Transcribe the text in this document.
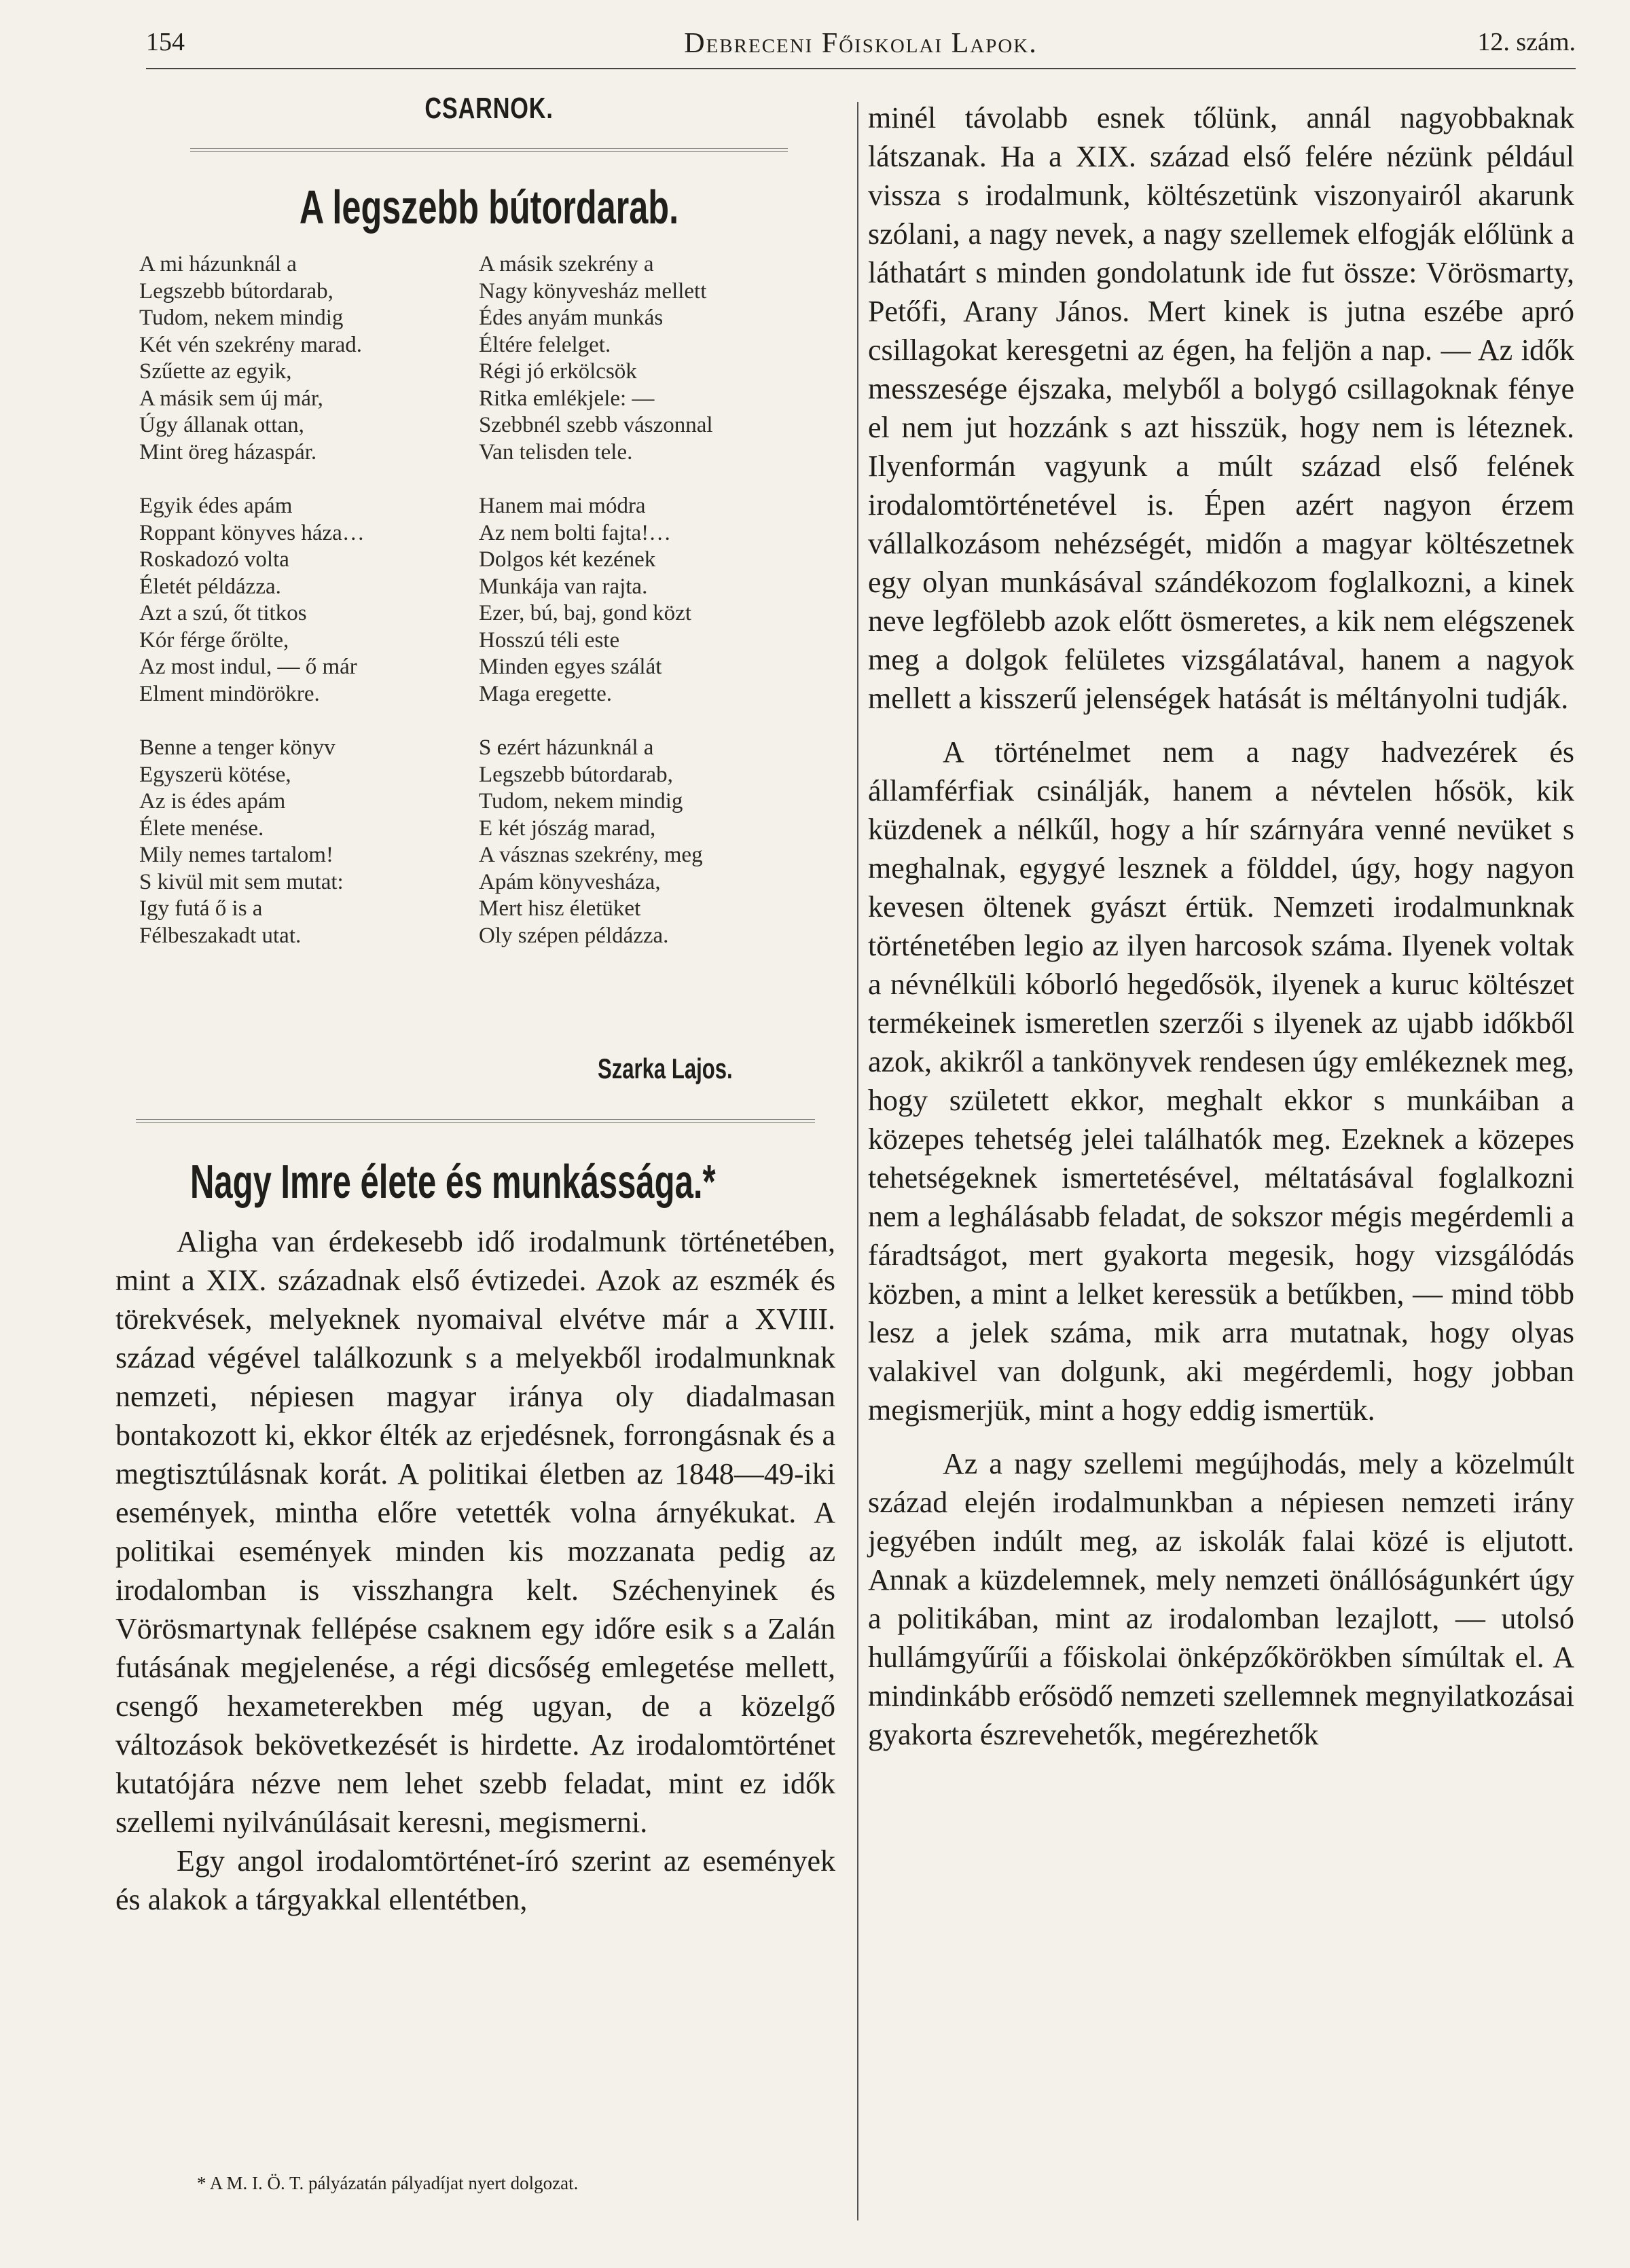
154	Debreceni Főiskolai Lapok.	12. szám.
CSARNOK.
A legszebb bútordarab.
A mi házunknál a
Legszebb bútordarab,
Tudom, nekem mindig
Két vén szekrény marad.
Szűette az egyik,
A másik sem új már,
Úgy állanak ottan,
Mint öreg házaspár.
Egyik édes apám
Roppant könyves háza…
Roskadozó volta
Életét példázza.
Azt a szú, őt titkos
Kór férge őrölte,
Az most indul, — ő már
Elment mindörökre.
Benne a tenger könyv
Egyszerü kötése,
Az is édes apám
Élete menése.
Mily nemes tartalom!
S kivül mit sem mutat:
Igy futá ő is a
Félbeszakadt utat.
A másik szekrény a
Nagy könyvesház mellett
Édes anyám munkás
Éltére felelget.
Régi jó erkölcsök
Ritka emlékjele: —
Szebbnél szebb vászonnal
Van telisden tele.
Hanem mai módra
Az nem bolti fajta!…
Dolgos két kezének
Munkája van rajta.
Ezer, bú, baj, gond közt
Hosszú téli este
Minden egyes szálát
Maga eregette.
S ezért házunknál a
Legszebb bútordarab,
Tudom, nekem mindig
E két jószág marad,
A vásznas szekrény, meg
Apám könyvesháza,
Mert hisz életüket
Oly szépen példázza.
Szarka Lajos.
Nagy Imre élete és munkássága.*

Aligha van érdekesebb idő irodalmunk történetében, mint a XIX. századnak első évtizedei. Azok az eszmék és törekvések, melyeknek nyomaival elvétve már a XVIII. század végével találkozunk s a melyekből irodalmunknak nemzeti, népiesen magyar iránya oly diadalmasan bontakozott ki, ekkor élték az erjedésnek, forrongásnak és a megtisztúlásnak korát. A politikai életben az 1848—49-iki események, mintha előre vetették volna árnyékukat. A politikai események minden kis mozzanata pedig az irodalomban is visszhangra kelt. Széchenyinek és Vörösmartynak fellépése csaknem egy időre esik s a Zalán futásának megjelenése, a régi dicsőség emlegetése mellett, csengő hexameterekben még ugyan, de a közelgő változások bekövetkezését is hirdette. Az irodalomtörténet kutatójára nézve nem lehet szebb feladat, mint ez idők szellemi nyilvánúlásait keresni, megismerni.

Egy angol irodalomtörténet-író szerint az események és alakok a tárgyakkal ellentétben,

* A M. I. Ö. T. pályázatán pályadíjat nyert dolgozat.

minél távolabb esnek tőlünk, annál nagyobbaknak látszanak. Ha a XIX. század első felére nézünk például vissza s irodalmunk, költészetünk viszonyairól akarunk szólani, a nagy nevek, a nagy szellemek elfogják előlünk a láthatárt s minden gondolatunk ide fut össze: Vörösmarty, Petőfi, Arany János. Mert kinek is jutna eszébe apró csillagokat keresgetni az égen, ha feljön a nap. — Az idők messzesége éjszaka, melyből a bolygó csillagoknak fénye el nem jut hozzánk s azt hisszük, hogy nem is léteznek. Ilyenformán vagyunk a múlt század első felének irodalomtörténetével is. Épen azért nagyon érzem vállalkozásom nehézségét, midőn a magyar költészetnek egy olyan munkásával szándékozom foglalkozni, a kinek neve legfölebb azok előtt ösmeretes, a kik nem elégszenek meg a dolgok felületes vizsgálatával, hanem a nagyok mellett a kisszerű jelenségek hatását is méltányolni tudják.

A történelmet nem a nagy hadvezérek és államférfiak csinálják, hanem a névtelen hősök, kik küzdenek a nélkűl, hogy a hír szárnyára venné nevüket s meghalnak, egygyé lesznek a földdel, úgy, hogy nagyon kevesen öltenek gyászt értük. Nemzeti irodalmunknak történetében legio az ilyen harcosok száma. Ilyenek voltak a névnélküli kóborló hegedősök, ilyenek a kuruc költészet termékeinek ismeretlen szerzői s ilyenek az ujabb időkből azok, akikről a tankönyvek rendesen úgy emlékeznek meg, hogy született ekkor, meghalt ekkor s munkáiban a közepes tehetség jelei találhatók meg. Ezeknek a közepes tehetségeknek ismertetésével, méltatásával foglalkozni nem a leghálásabb feladat, de sokszor mégis megérdemli a fáradtságot, mert gyakorta megesik, hogy vizsgálódás közben, a mint a lelket keressük a betűkben, — mind több lesz a jelek száma, mik arra mutatnak, hogy olyas valakivel van dolgunk, aki megérdemli, hogy jobban megismerjük, mint a hogy eddig ismertük.

Az a nagy szellemi megújhodás, mely a közelmúlt század elején irodalmunkban a népiesen nemzeti irány jegyében indúlt meg, az iskolák falai közé is eljutott. Annak a küzdelemnek, mely nemzeti önállóságunkért úgy a politikában, mint az irodalomban lezajlott, — utolsó hullámgyűrűi a főiskolai önképzőkörökben símúltak el. A mindinkább erősödő nemzeti szellemnek megnyilatkozásai gyakorta észrevehetők, megérezhetők
